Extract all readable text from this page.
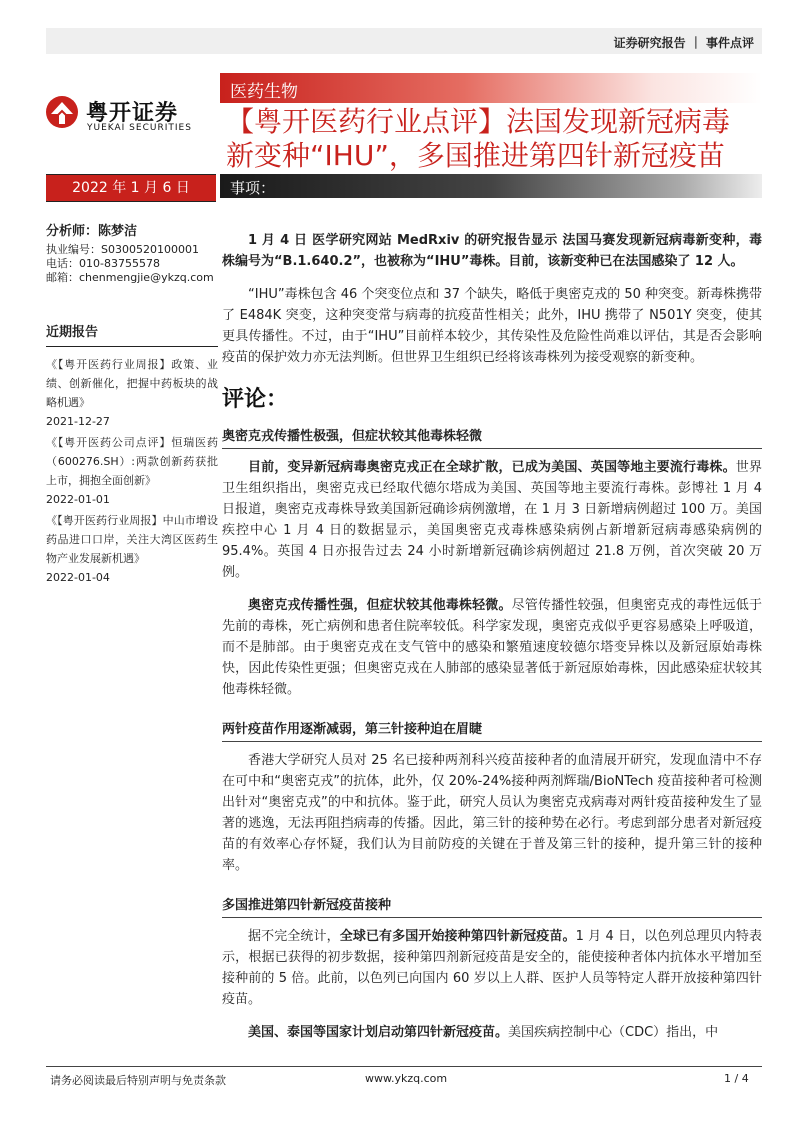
证券研究报告 ｜ 事件点评
粤开证券
YUEKAI SECURITIES
医药生物
【粤开医药行业点评】法国发现新冠病毒
新变种“IHU”，多国推进第四针新冠疫苗
2022 年 1 月 6 日	事项：
分析师：陈梦洁
执业编号：S0300520100001
电话：010-83755578
邮箱：chenmengjie@ykzq.com
近期报告
《【粤开医药行业周报】政策、业绩、创新催化，把握中药板块的战略机遇》
2021-12-27
《【粤开医药公司点评】恒瑞医药（600276.SH）:两款创新药获批上市，拥抱全面创新》
2022-01-01
《【粤开医药行业周报】中山市增设药品进口口岸，关注大湾区医药生物产业发展新机遇》
2022-01-04

1 月 4 日 医学研究网站 MedRxiv 的研究报告显示 法国马赛发现新冠病毒新变种，毒株编号为“B.1.640.2”，也被称为“IHU”毒株。目前，该新变种已在法国感染了 12 人。

“IHU”毒株包含 46 个突变位点和 37 个缺失，略低于奥密克戎的 50 种突变。新毒株携带了 E484K 突变，这种突变常与病毒的抗疫苗性相关；此外，IHU 携带了 N501Y 突变，使其更具传播性。不过，由于“IHU”目前样本较少，其传染性及危险性尚难以评估，其是否会影响疫苗的保护效力亦无法判断。但世界卫生组织已经将该毒株列为接受观察的新变种。

评论：
奥密克戎传播性极强，但症状较其他毒株轻微

目前，变异新冠病毒奥密克戎正在全球扩散，已成为美国、英国等地主要流行毒株。世界卫生组织指出，奥密克戎已经取代德尔塔成为美国、英国等地主要流行毒株。彭博社 1 月 4 日报道，奥密克戎毒株导致美国新冠确诊病例激增，在 1 月 3 日新增病例超过 100 万。美国疾控中心 1 月 4 日的数据显示，美国奥密克戎毒株感染病例占新增新冠病毒感染病例的 95.4%。英国 4 日亦报告过去 24 小时新增新冠确诊病例超过 21.8 万例，首次突破 20 万例。

奥密克戎传播性强，但症状较其他毒株轻微。尽管传播性较强，但奥密克戎的毒性远低于先前的毒株，死亡病例和患者住院率较低。科学家发现，奥密克戎似乎更容易感染上呼吸道，而不是肺部。由于奥密克戎在支气管中的感染和繁殖速度较德尔塔变异株以及新冠原始毒株快，因此传染性更强；但奥密克戎在人肺部的感染显著低于新冠原始毒株，因此感染症状较其他毒株轻微。

两针疫苗作用逐渐减弱，第三针接种迫在眉睫

香港大学研究人员对 25 名已接种两剂科兴疫苗接种者的血清展开研究，发现血清中不存在可中和“奥密克戎”的抗体，此外，仅 20%-24%接种两剂辉瑞/BioNTech 疫苗接种者可检测出针对“奥密克戎”的中和抗体。鉴于此，研究人员认为奥密克戎病毒对两针疫苗接种发生了显著的逃逸，无法再阻挡病毒的传播。因此，第三针的接种势在必行。考虑到部分患者对新冠疫苗的有效率心存怀疑，我们认为目前防疫的关键在于普及第三针的接种，提升第三针的接种率。

多国推进第四针新冠疫苗接种

据不完全统计，全球已有多国开始接种第四针新冠疫苗。1 月 4 日，以色列总理贝内特表示，根据已获得的初步数据，接种第四剂新冠疫苗是安全的，能使接种者体内抗体水平增加至接种前的 5 倍。此前，以色列已向国内 60 岁以上人群、医护人员等特定人群开放接种第四针疫苗。

美国、泰国等国家计划启动第四针新冠疫苗。美国疾病控制中心（CDC）指出，中

请务必阅读最后特别声明与免责条款	www.ykzq.com	1 / 4
